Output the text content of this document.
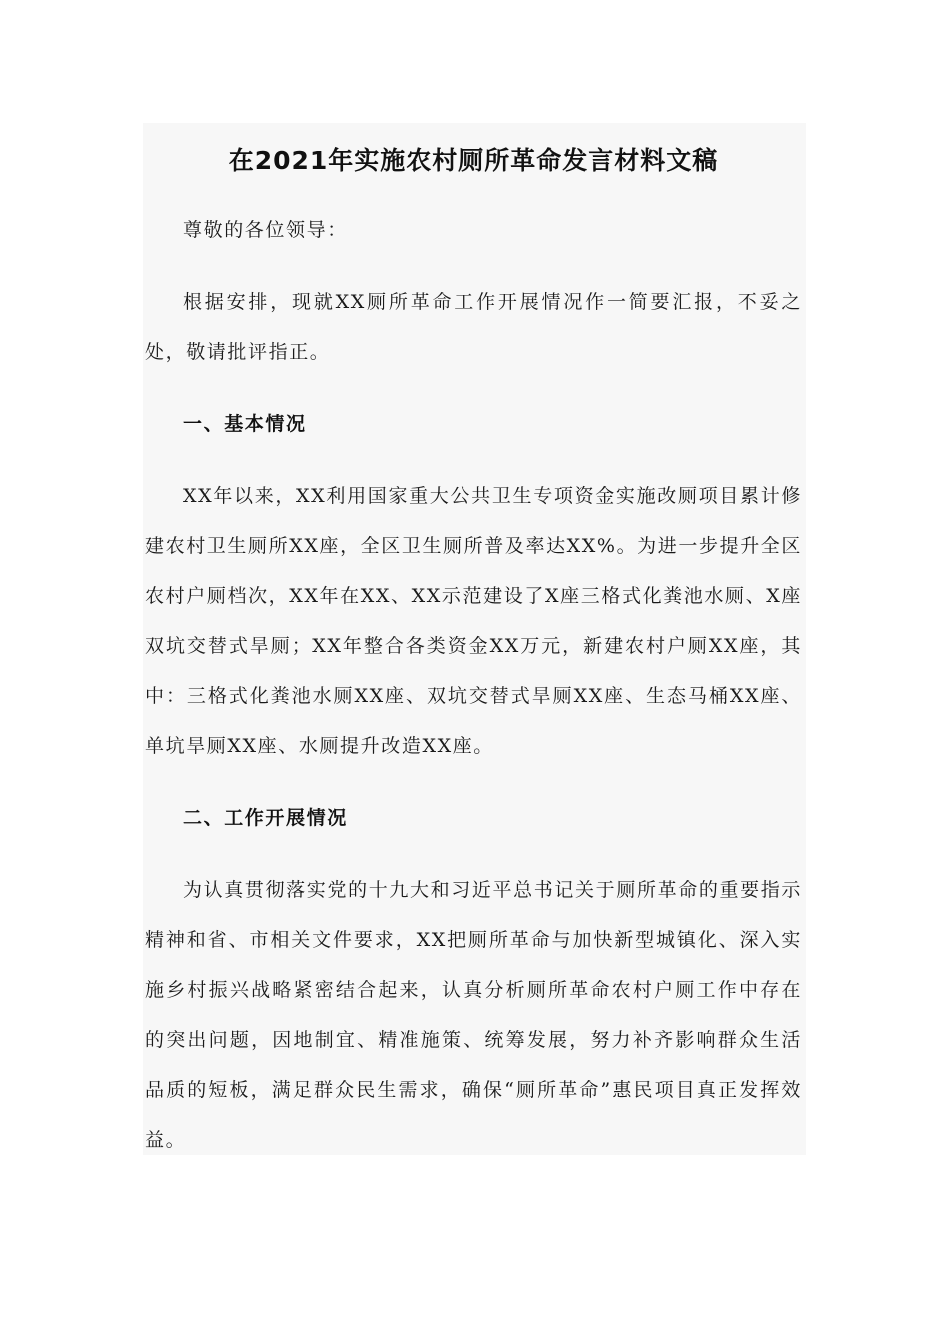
在2021年实施农村厕所革命发言材料文稿

尊敬的各位领导：

根据安排，现就XX厕所革命工作开展情况作一简要汇报，不妥之处，敬请批评指正。

一、基本情况

XX年以来，XX利用国家重大公共卫生专项资金实施改厕项目累计修建农村卫生厕所XX座，全区卫生厕所普及率达XX%。为进一步提升全区农村户厕档次，XX年在XX、XX示范建设了X座三格式化粪池水厕、X座双坑交替式旱厕；XX年整合各类资金XX万元，新建农村户厕XX座，其中：三格式化粪池水厕XX座、双坑交替式旱厕XX座、生态马桶XX座、单坑旱厕XX座、水厕提升改造XX座。

二、工作开展情况

为认真贯彻落实党的十九大和习近平总书记关于厕所革命的重要指示精神和省、市相关文件要求，XX把厕所革命与加快新型城镇化、深入实施乡村振兴战略紧密结合起来，认真分析厕所革命农村户厕工作中存在的突出问题，因地制宜、精准施策、统筹发展，努力补齐影响群众生活品质的短板，满足群众民生需求，确保“厕所革命”惠民项目真正发挥效益。
